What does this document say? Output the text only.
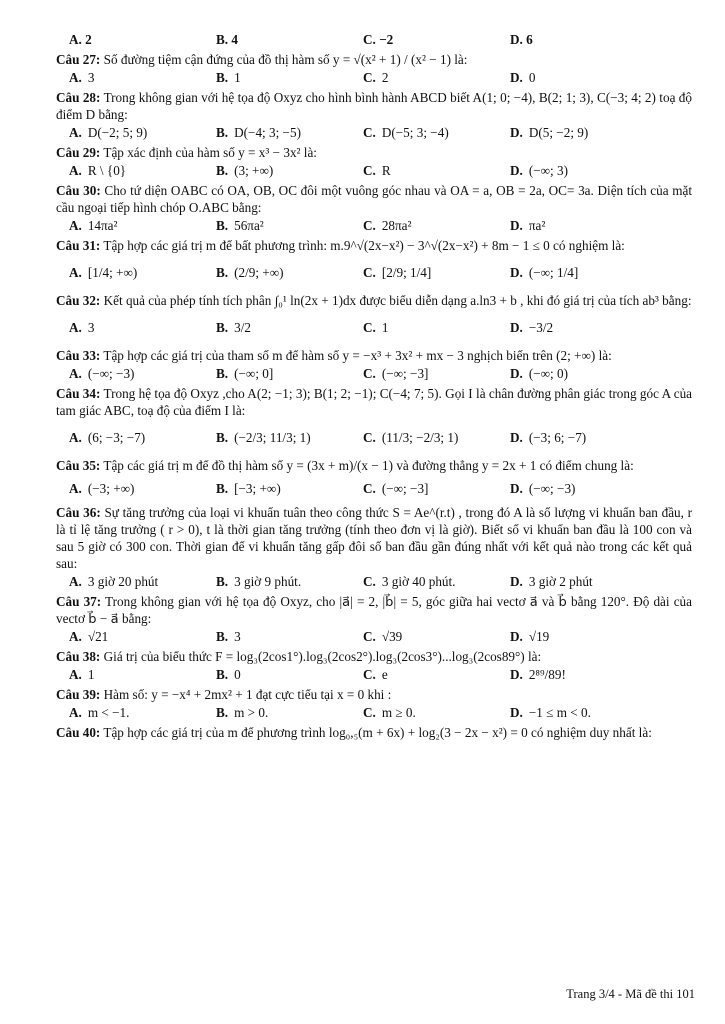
A. 2	B. 4	C. −2	D. 6

Câu 27: Số đường tiệm cận đứng của đồ thị hàm số y = √(x² + 1) / (x² − 1) là:

A. 3	B. 1	C. 2	D. 0

Câu 28: Trong không gian với hệ tọa độ Oxyz cho hình bình hành ABCD biết A(1; 0; −4), B(2; 1; 3), C(−3; 4; 2) toạ độ điểm D bằng:

A. D(−2; 5; 9)	B. D(−4; 3; −5)	C. D(−5; 3; −4)	D. D(5; −2; 9)

Câu 29: Tập xác định của hàm số y = x³ − 3x² là:

A. R \ {0}	B. (3; +∞)	C. R	D. (−∞; 3)

Câu 30: Cho tứ diện OABC có OA, OB, OC đôi một vuông góc nhau và OA = a, OB = 2a, OC= 3a. Diện tích của mặt cầu ngoại tiếp hình chóp O.ABC bằng:

A. 14πa²	B. 56πa²	C. 28πa²	D. πa²

Câu 31: Tập hợp các giá trị m để bất phương trình: m.9^√(2x−x²) − 3^√(2x−x²) + 8m − 1 ≤ 0 có nghiệm là:

A. [1/4; +∞)	B. (2/9; +∞)	C. [2/9; 1/4]	D. (−∞; 1/4]

Câu 32: Kết quả của phép tính tích phân ∫₀¹ ln(2x + 1)dx được biểu diễn dạng a.ln3 + b , khi đó giá trị của tích ab³ bằng:

A. 3	B. 3/2	C. 1	D. −3/2

Câu 33: Tập hợp các giá trị của tham số m để hàm số y = −x³ + 3x² + mx − 3 nghịch biến trên (2; +∞) là:

A. (−∞; −3)	B. (−∞; 0]	C. (−∞; −3]	D. (−∞; 0)

Câu 34: Trong hệ tọa độ Oxyz ,cho A(2; −1; 3); B(1; 2; −1); C(−4; 7; 5). Gọi I là chân đường phân giác trong góc A của tam giác ABC, toạ độ của điểm I là:

A. (6; −3; −7)	B. (−2/3; 11/3; 1)	C. (11/3; −2/3; 1)	D. (−3; 6; −7)

Câu 35: Tập các giá trị m để đồ thị hàm số y = (3x + m)/(x − 1) và đường thẳng y = 2x + 1 có điểm chung là:

A. (−3; +∞)	B. [−3; +∞)	C. (−∞; −3]	D. (−∞; −3)

Câu 36: Sự tăng trưởng của loại vi khuẩn tuân theo công thức S = Ae^(r.t) , trong đó A là số lượng vi khuẩn ban đầu, r là tỉ lệ tăng trưởng ( r > 0), t là thời gian tăng trưởng (tính theo đơn vị là giờ). Biết số vi khuẩn ban đầu là 100 con và sau 5 giờ có 300 con. Thời gian để vi khuẩn tăng gấp đôi số ban đầu gần đúng nhất với kết quả nào trong các kết quả sau:

A. 3 giờ 20 phút	B. 3 giờ 9 phút.	C. 3 giờ 40 phút.	D. 3 giờ 2 phút

Câu 37: Trong không gian với hệ tọa độ Oxyz, cho |a⃗| = 2, |b⃗| = 5, góc giữa hai vectơ a⃗ và b⃗ bằng 120°. Độ dài của vectơ b⃗ − a⃗ bằng:

A. √21	B. 3	C. √39	D. √19

Câu 38: Giá trị của biểu thức F = log₃(2cos1°).log₃(2cos2°).log₃(2cos3°)...log₃(2cos89°) là:

A. 1	B. 0	C. e	D. 2⁸⁹/89!

Câu 39: Hàm số: y = −x⁴ + 2mx² + 1 đạt cực tiểu tại x = 0 khi :

A. m < −1.	B. m > 0.	C. m ≥ 0.	D. −1 ≤ m < 0.

Câu 40: Tập hợp các giá trị của m để phương trình log₀,₅(m + 6x) + log₂(3 − 2x − x²) = 0 có nghiệm duy nhất là:

Trang 3/4 - Mã đề thi 101
